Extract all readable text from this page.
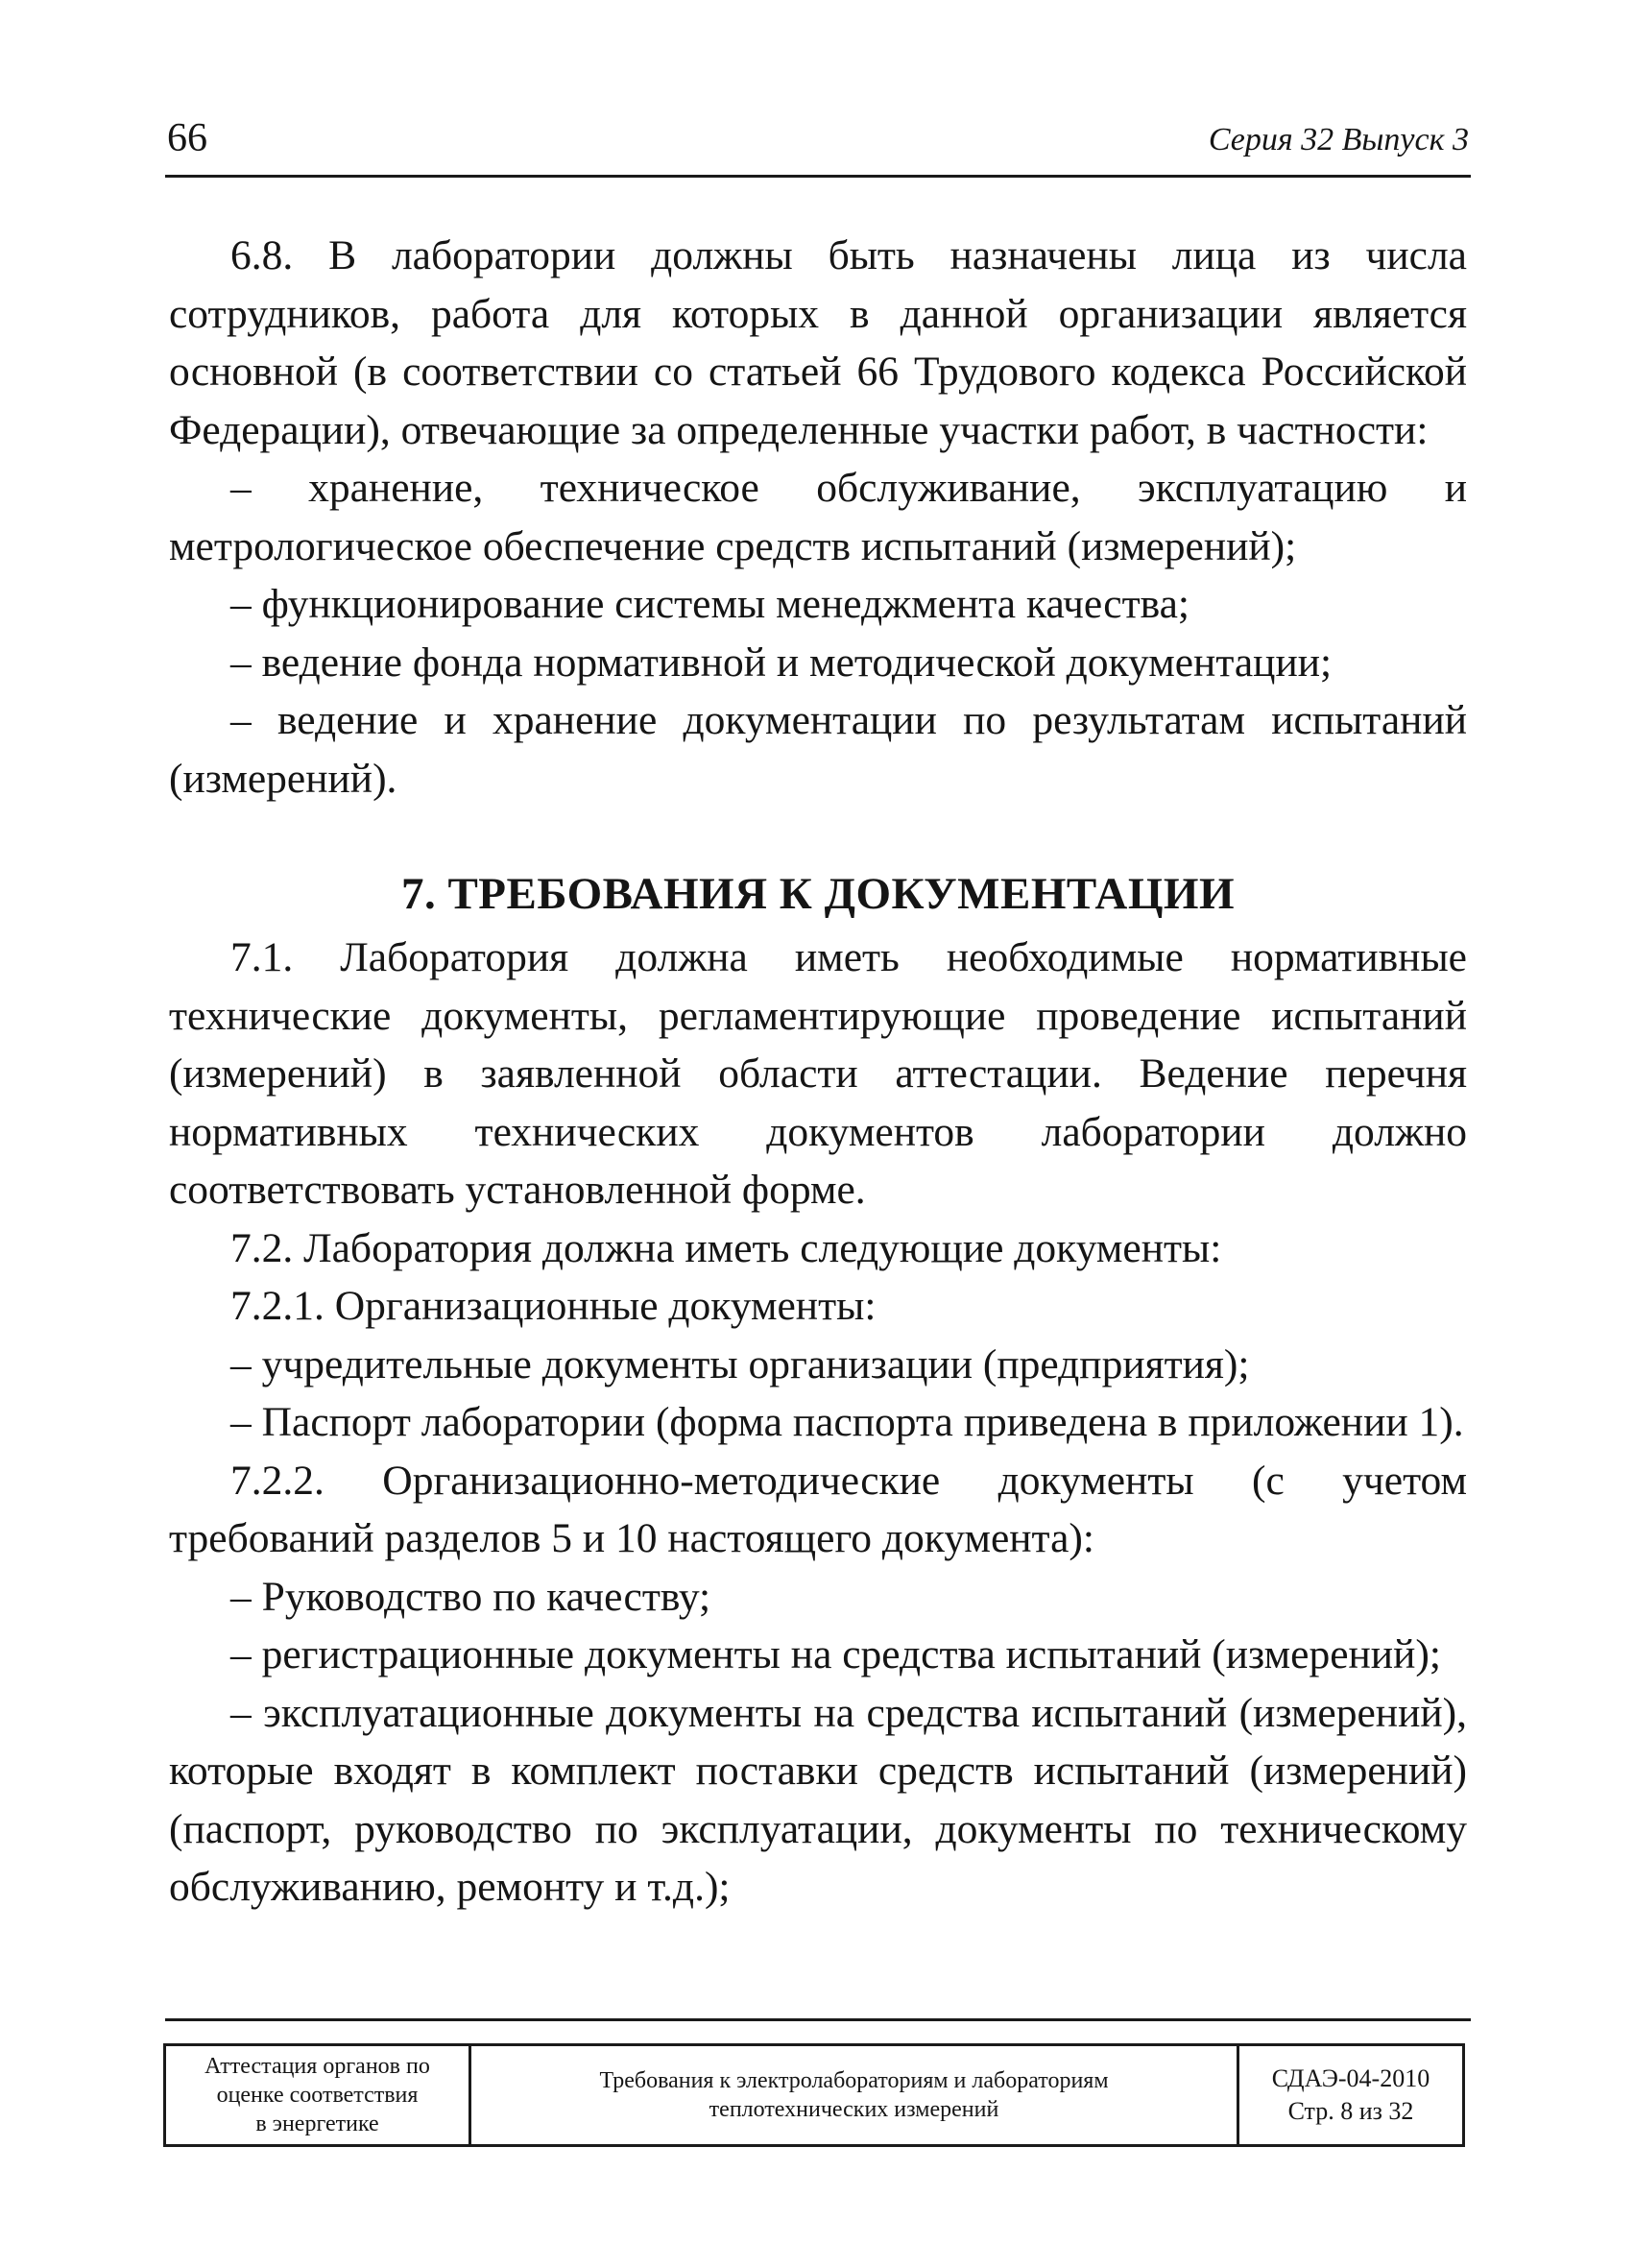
66	Серия 32 Выпуск 3

6.8. В лаборатории должны быть назначены лица из числа сотрудников, работа для которых в данной организации является основной (в соответствии со статьей 66 Трудового кодекса Российской Федерации), отвечающие за определенные участки работ, в частности:

– хранение, техническое обслуживание, эксплуатацию и метрологическое обеспечение средств испытаний (измерений);

– функционирование системы менеджмента качества;

– ведение фонда нормативной и методической документации;

– ведение и хранение документации по результатам испытаний (измерений).

7. ТРЕБОВАНИЯ К ДОКУМЕНТАЦИИ

7.1. Лаборатория должна иметь необходимые нормативные технические документы, регламентирующие проведение испытаний (измерений) в заявленной области аттестации. Ведение перечня нормативных технических документов лаборатории должно соответствовать установленной форме.

7.2. Лаборатория должна иметь следующие документы:

7.2.1. Организационные документы:

– учредительные документы организации (предприятия);

– Паспорт лаборатории (форма паспорта приведена в приложении 1).

7.2.2. Организационно-методические документы (с учетом требований разделов 5 и 10 настоящего документа):

– Руководство по качеству;

– регистрационные документы на средства испытаний (измерений);

– эксплуатационные документы на средства испытаний (измерений), которые входят в комплект поставки средств испытаний (измерений) (паспорт, руководство по эксплуатации, документы по техническому обслуживанию, ремонту и т.д.);

Аттестация органов по
оценке соответствия
в энергетике
Требования к электролабораториям и лабораториям
теплотехнических измерений
СДАЭ-04-2010
Стр. 8 из 32
